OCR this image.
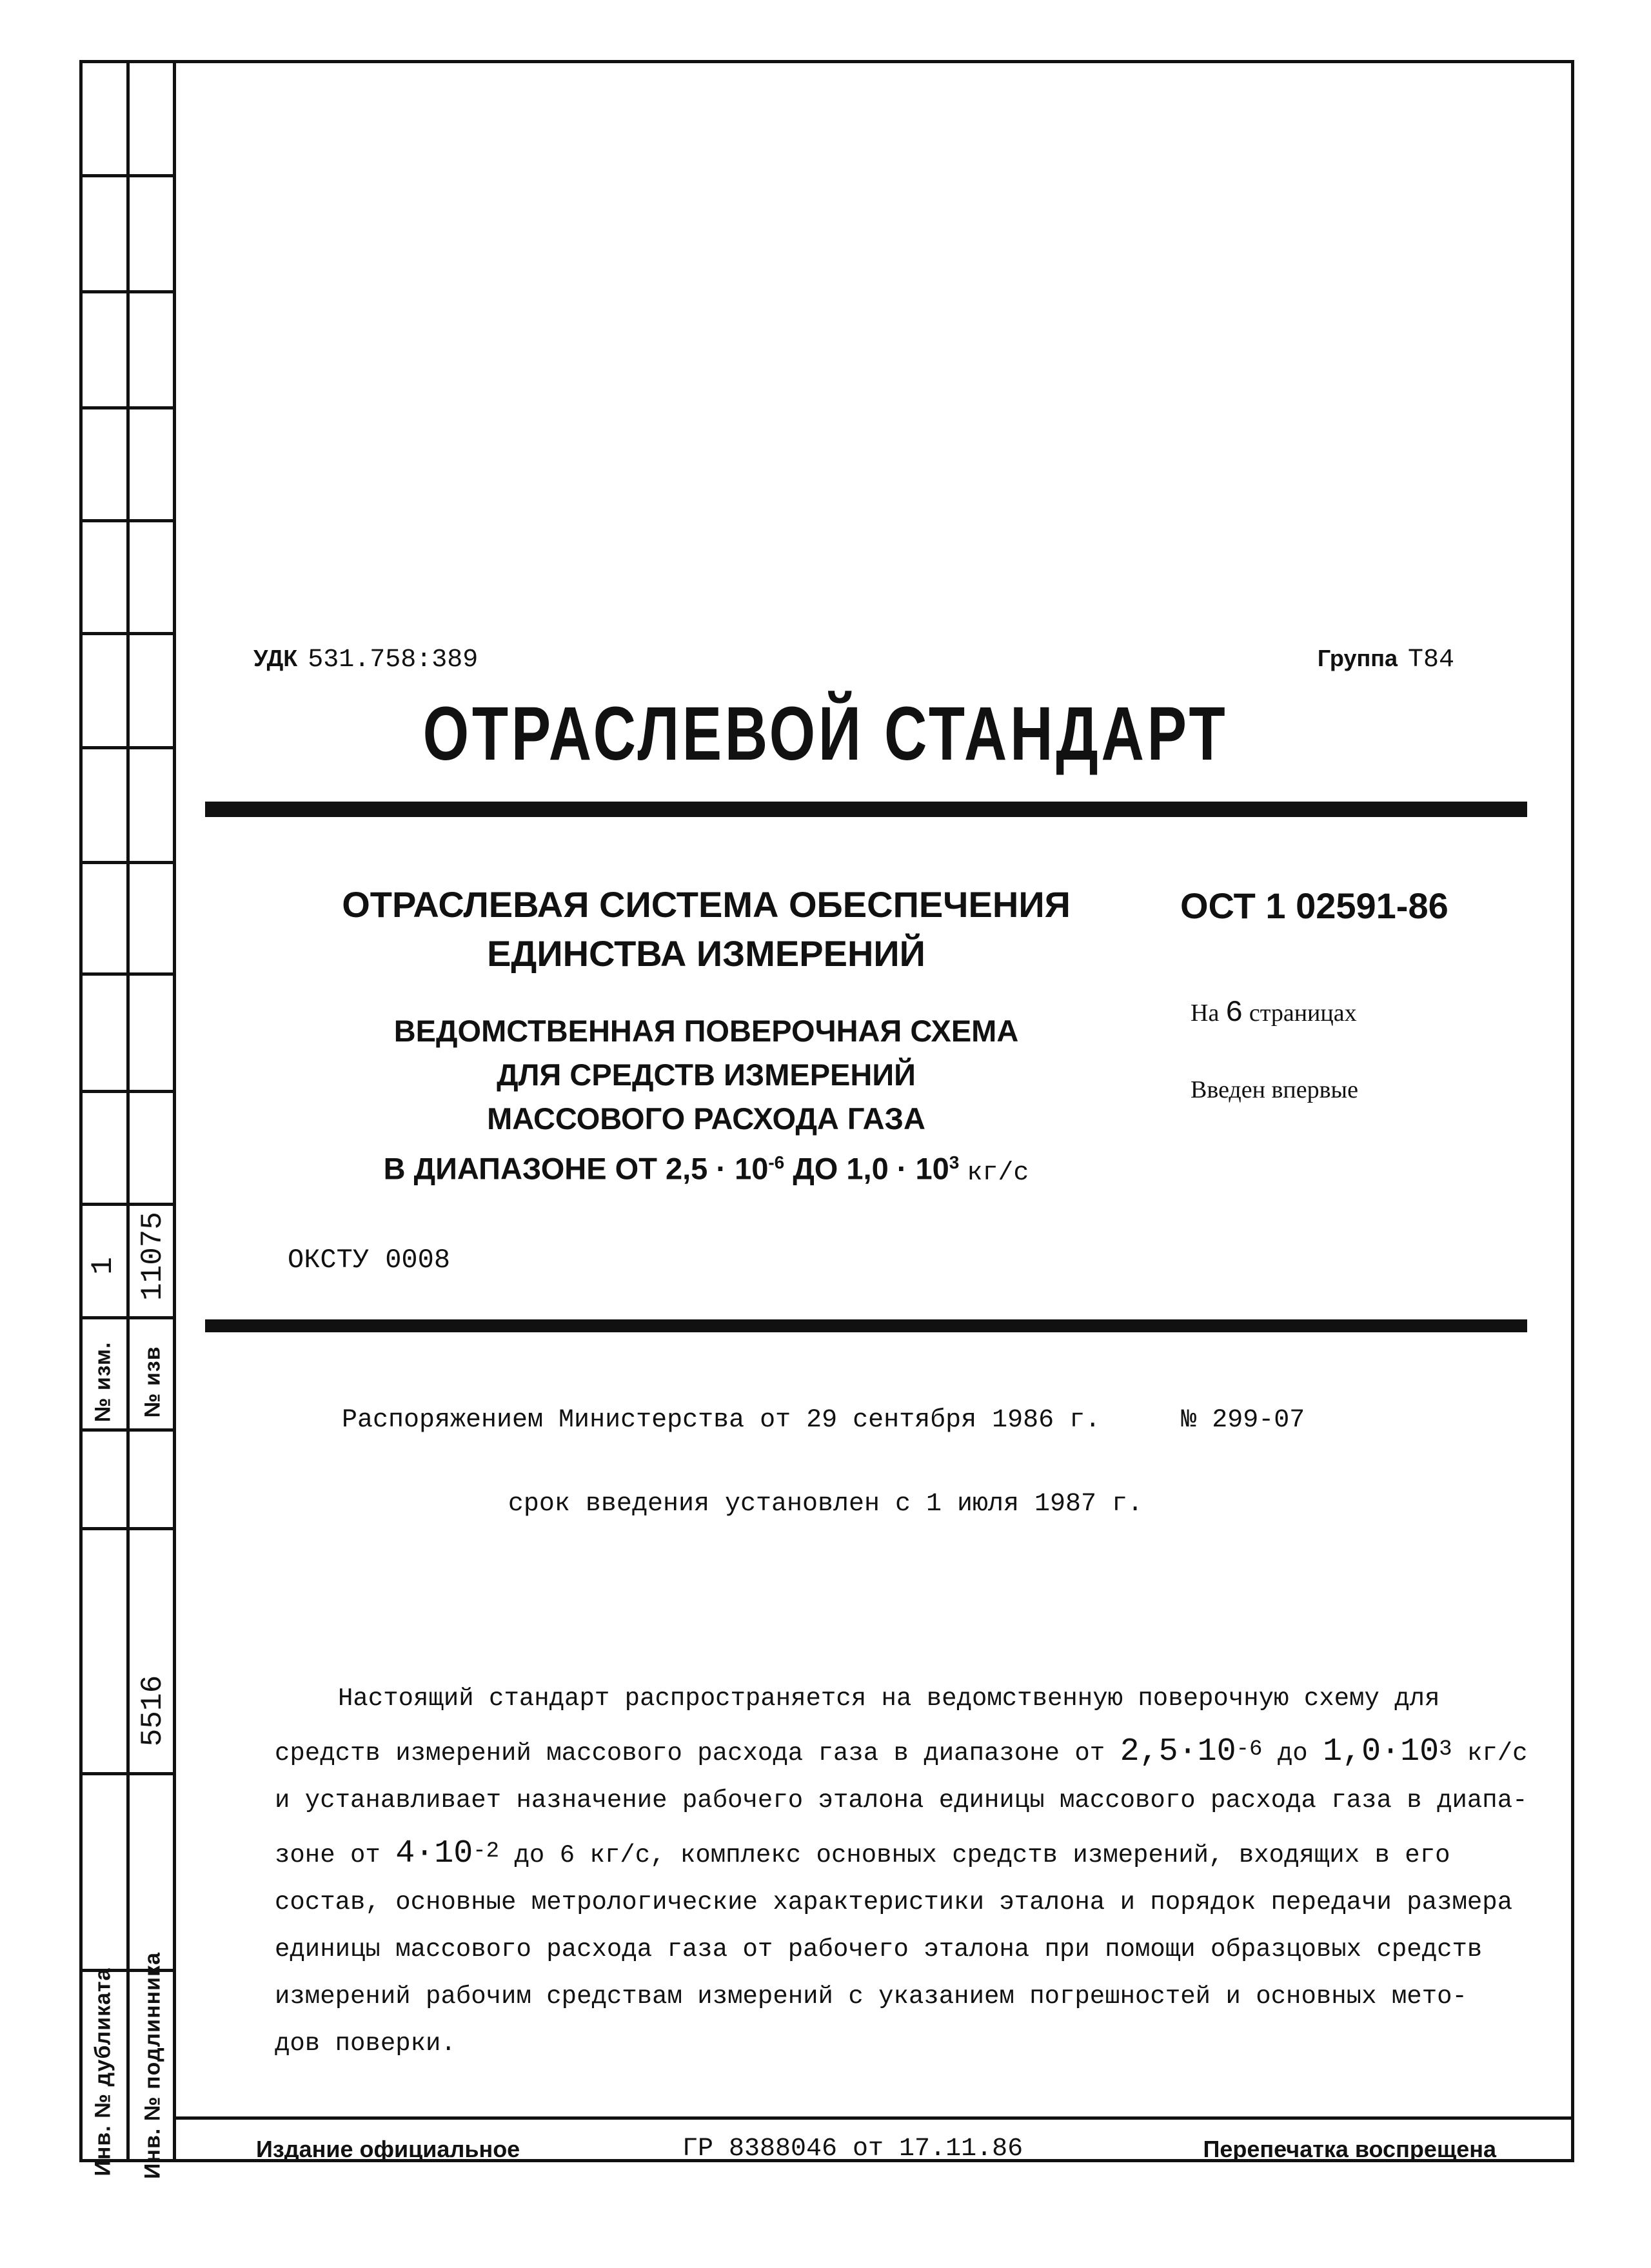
1
№ изм.
11075
№ изв
5516
Инв. № дубликата Инв. № подлинника
УДК 531.758:389	Группа Т84
ОТРАСЛЕВОЙ СТАНДАРТ
ОТРАСЛЕВАЯ СИСТЕМА ОБЕСПЕЧЕНИЯ
ЕДИНСТВА ИЗМЕРЕНИЙ
ВЕДОМСТВЕННАЯ ПОВЕРОЧНАЯ СХЕМА
ДЛЯ СРЕДСТВ ИЗМЕРЕНИЙ
МАССОВОГО РАСХОДА ГАЗА
В ДИАПАЗОНЕ ОТ $2,5 \cdot 10^{-6}$ ДО $1,0 \cdot 10^3$ кг/с
ОСТ 1 02591-86
На 6 страницах
Введен впервые
ОКСТУ 0008
Распоряжением Министерства от 29 сентября 1986 г.	№ 299-07
срок введения установлен с 1 июля 1987 г.
Настоящий стандарт распространяется на ведомственную поверочную схему для
средств измерений массового расхода газа в диапазоне от $2,5\cdot 10^{-6}$ до $1,0\cdot 10^3$ кг/с
и устанавливает назначение рабочего эталона единицы массового расхода газа в диапа-
зоне от $4\cdot 10^{-2}$ до 6 кг/с, комплекс основных средств измерений, входящих в его
состав, основные метрологические характеристики эталона и порядок передачи размера
единицы массового расхода газа от рабочего эталона при помощи образцовых средств
измерений рабочим средствам измерений с указанием погрешностей и основных мето-
дов поверки.
Издание официальное	ГР 8388046 от 17.11.86	Перепечатка воспрещена
